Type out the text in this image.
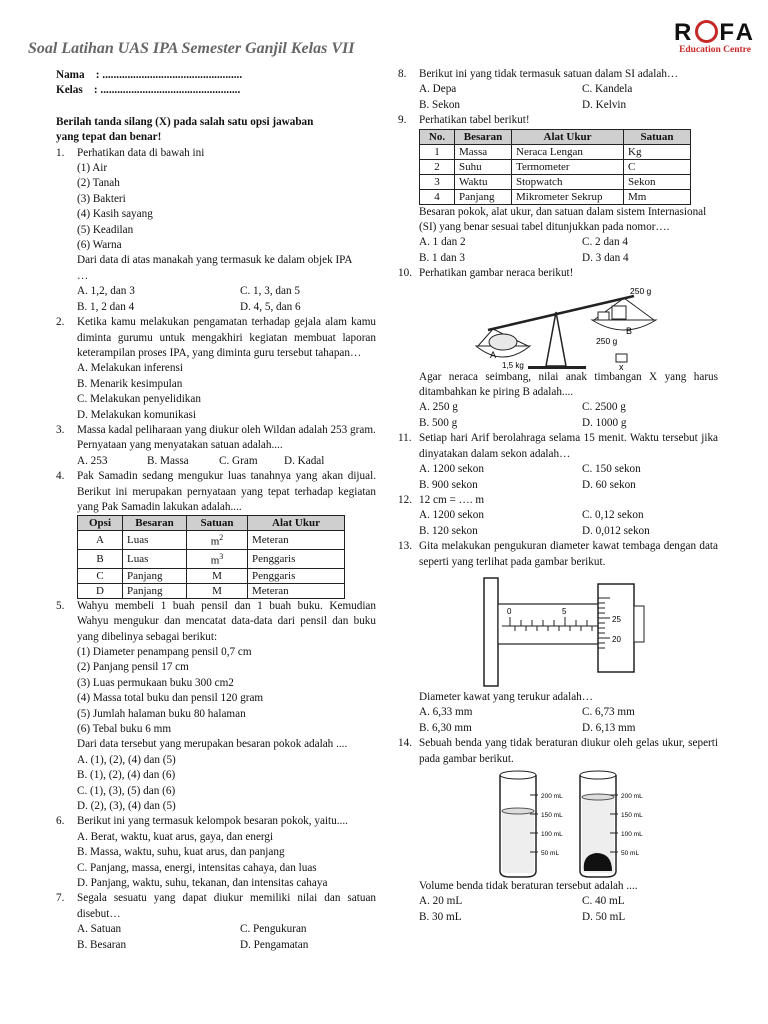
Soal Latihan UAS IPA Semester Ganjil Kelas VII
R FA
Education Centre

Nama    : ..................................................

Kelas    : ..................................................

Berilah tanda silang (X) pada salah satu opsi jawaban

yang tepat dan benar!

1. Perhatikan data di bawah ini

(1) Air

(2) Tanah

(3) Bakteri

(4) Kasih sayang

(5) Keadilan

(6) Warna

Dari data di atas manakah yang termasuk ke dalam objek IPA

…

A. 1,2, dan 3	C. 1, 3, dan 5
B. 1, 2 dan 4	D. 4, 5, dan 6

2. Ketika kamu melakukan pengamatan terhadap gejala alam kamu diminta gurumu untuk mengakhiri kegiatan membuat laporan keterampilan proses IPA, yang diminta guru tersebut tahapan…

A. Melakukan inferensi

B. Menarik kesimpulan

C. Melakukan penyelidikan

D. Melakukan komunikasi

3. Massa kadal peliharaan yang diukur oleh Wildan adalah 253 gram. Pernyataan yang menyatakan satuan adalah....

A. 253	B. Massa	C. Gram	D. Kadal

4. Pak Samadin sedang mengukur luas tanahnya yang akan dijual. Berikut ini merupakan pernyataan yang tepat terhadap kegiatan yang Pak Samadin lakukan adalah....

Opsi	Besaran	Satuan	Alat Ukur
A	Luas	$m^2$	Meteran
B	Luas	$m^3$	Penggaris
C	Panjang	M	Penggaris
D	Panjang	M	Meteran

5. Wahyu membeli 1 buah pensil dan 1 buah buku. Kemudian Wahyu mengukur dan mencatat data-data dari pensil dan buku yang dibelinya sebagai berikut:

(1) Diameter penampang pensil 0,7 cm

(2) Panjang pensil 17 cm

(3) Luas permukaan buku 300 cm2

(4) Massa total buku dan pensil 120 gram

(5) Jumlah halaman buku 80 halaman

(6) Tebal buku 6 mm

Dari data tersebut yang merupakan besaran pokok adalah ....

A. (1), (2), (4) dan (5)

B. (1), (2), (4) dan (6)

C. (1), (3), (5) dan (6)

D. (2), (3), (4) dan (5)

6. Berikut ini yang termasuk kelompok besaran pokok, yaitu....

A. Berat, waktu, kuat arus, gaya, dan energi

B. Massa, waktu, suhu, kuat arus, dan panjang

C. Panjang, massa, energi, intensitas cahaya, dan luas

D. Panjang, waktu, suhu, tekanan, dan intensitas cahaya

7. Segala sesuatu yang dapat diukur memiliki nilai dan satuan disebut…

A. Satuan	C. Pengukuran
B. Besaran	D. Pengamatan

8. Berikut ini yang tidak termasuk satuan dalam SI adalah…

A. Depa	C. Kandela
B. Sekon	D. Kelvin

9. Perhatikan tabel berikut!

No.	Besaran	Alat Ukur	Satuan
1	Massa	Neraca Lengan	Kg
2	Suhu	Termometer	C
3	Waktu	Stopwatch	Sekon
4	Panjang	Mikrometer Sekrup	Mm

Besaran pokok, alat ukur, dan satuan dalam sistem Internasional (SI) yang benar sesuai tabel ditunjukkan pada nomor….

A. 1 dan 2	C. 2 dan 4
B. 1 dan 3	D. 3 dan 4

10. Perhatikan gambar neraca berikut!

250 g
B
250 g
A
1,5 kg	x

Agar neraca seimbang, nilai anak timbangan X yang harus ditambahkan ke piring B adalah....

A. 250 g	C. 2500 g
B. 500 g	D. 1000 g

11. Setiap hari Arif berolahraga selama 15 menit. Waktu tersebut jika dinyatakan dalam sekon adalah…

A. 1200 sekon	C. 150 sekon
B. 900 sekon	D. 60 sekon

12. 12 cm = …. m

A. 1200 sekon	C. 0,12 sekon
B. 120 sekon	D. 0,012 sekon

13. Gita melakukan pengukuran diameter kawat tembaga dengan data seperti yang terlihat pada gambar berikut.

0	5
25
20

Diameter kawat yang terukur adalah…

A. 6,33 mm	C. 6,73 mm
B. 6,30 mm	D. 6,13 mm

14. Sebuah benda yang tidak beraturan diukur oleh gelas ukur, seperti pada gambar berikut.

200 mL
150 mL
100 mL
50 mL
200 mL
150 mL
100 mL
50 mL

Volume benda tidak beraturan tersebut adalah ....

A. 20 mL	C. 40 mL
B. 30 mL	D. 50 mL
